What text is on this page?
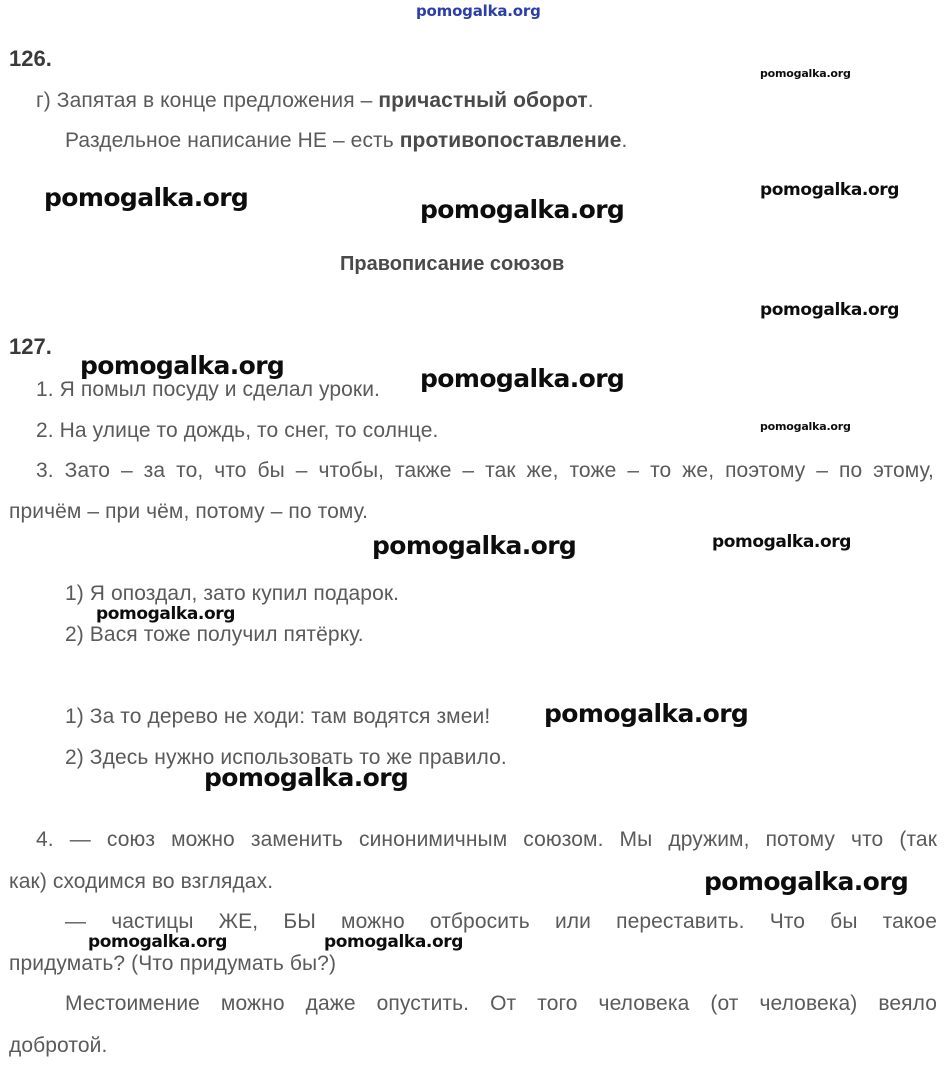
pomogalka.org
126.
г) Запятая в конце предложения – причастный оборот.
Раздельное написание НЕ – есть противопоставление.
Правописание союзов
127.
1. Я помыл посуду и сделал уроки.
2. На улице то дождь, то снег, то солнце.
3. Зато – за то, что бы – чтобы, также – так же, тоже – то же, поэтому – по этому,
причём – при чём, потому – по тому.
1) Я опоздал, зато купил подарок.
2) Вася тоже получил пятёрку.
1) За то дерево не ходи: там водятся змеи!
2) Здесь нужно использовать то же правило.
4. — союз можно заменить синонимичным союзом. Мы дружим, потому что (так
как) сходимся во взглядах.
— частицы ЖЕ, БЫ можно отбросить или переставить. Что бы такое
придумать? (Что придумать бы?)
Местоимение можно даже опустить. От того человека (от человека) веяло
добротой.
pomogalka.org
pomogalka.org	pomogalka.org
pomogalka.org
pomogalka.org
pomogalka.org	pomogalka.org
pomogalka.org
pomogalka.org	pomogalka.org
pomogalka.org
pomogalka.org
pomogalka.org
pomogalka.org
pomogalka.org	pomogalka.org
